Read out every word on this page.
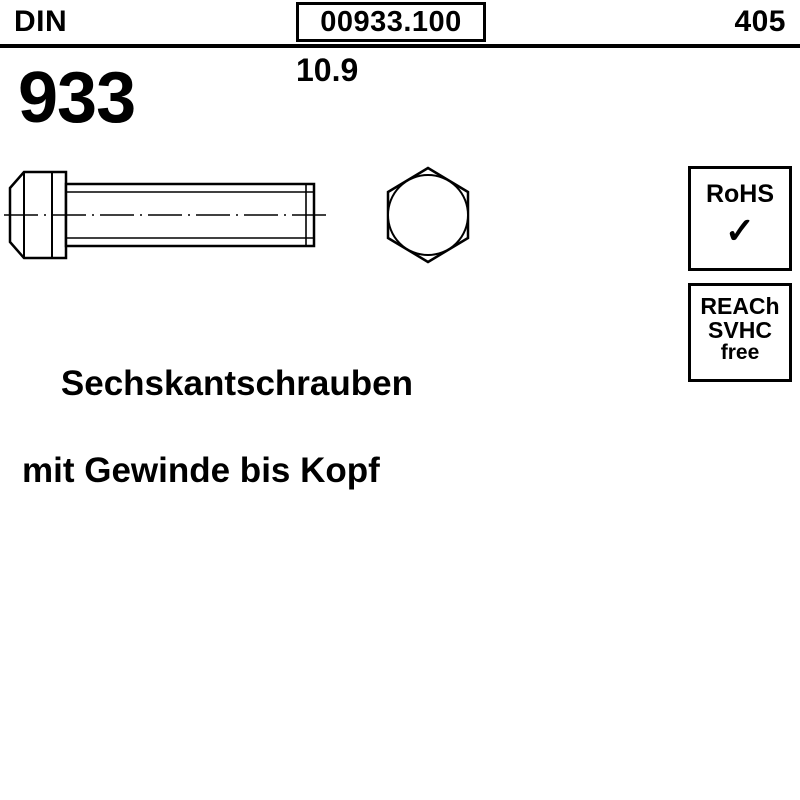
DIN	00933.100	405
933	10.9

Sechskantschrauben

mit Gewinde bis Kopf

RoHS
✓
REACh
SVHC
free
